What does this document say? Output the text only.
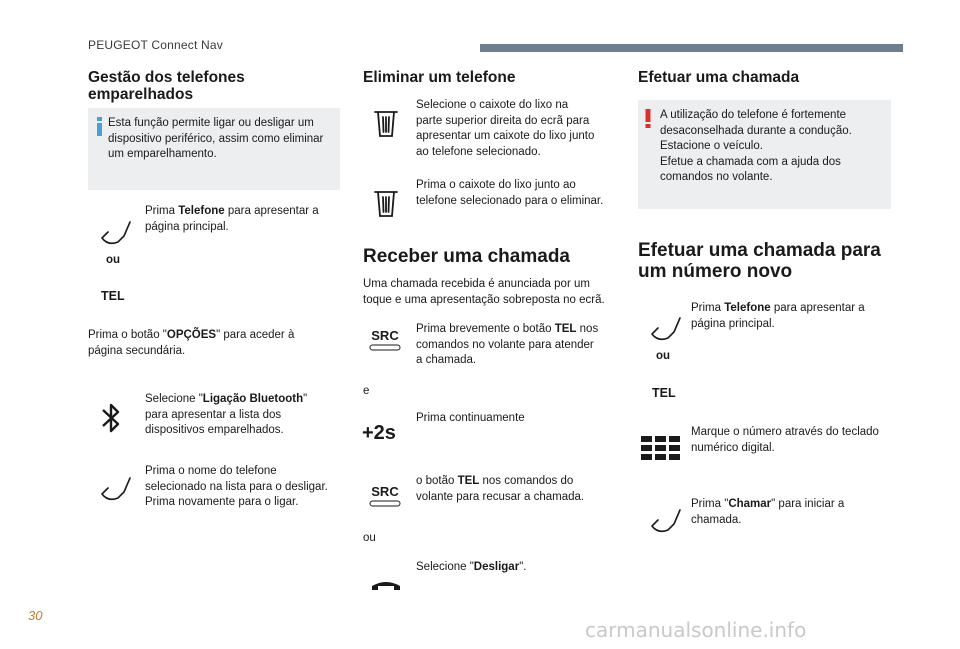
PEUGEOT Connect Nav
Gestão dos telefones
emparelhados
Esta função permite ligar ou desligar um
dispositivo periférico, assim como eliminar
um emparelhamento.
Prima Telefone para apresentar a
página principal.
ou
TEL
Prima o botão "OPÇÕES" para aceder à
página secundária.
Selecione "Ligação Bluetooth"
para apresentar a lista dos
dispositivos emparelhados.
Prima o nome do telefone
selecionado na lista para o desligar.
Prima novamente para o ligar.
Eliminar um telefone
Selecione o caixote do lixo na
parte superior direita do ecrã para
apresentar um caixote do lixo junto
ao telefone selecionado.
Prima o caixote do lixo junto ao
telefone selecionado para o eliminar.
Receber uma chamada
Uma chamada recebida é anunciada por um
toque e uma apresentação sobreposta no ecrã.
SRC Prima brevemente o botão TEL nos
comandos no volante para atender
a chamada.
e
+2s
Prima continuamente
SRC
o botão TEL nos comandos do
volante para recusar a chamada.
ou
Selecione "Desligar".
Efetuar uma chamada
A utilização do telefone é fortemente
desaconselhada durante a condução.
Estacione o veículo.
Efetue a chamada com a ajuda dos
comandos no volante.
Efetuar uma chamada para
um número novo
Prima Telefone para apresentar a
página principal.
ou
TEL
Marque o número através do teclado
numérico digital.
Prima "Chamar" para iniciar a
chamada.
30
carmanualsonline.info
